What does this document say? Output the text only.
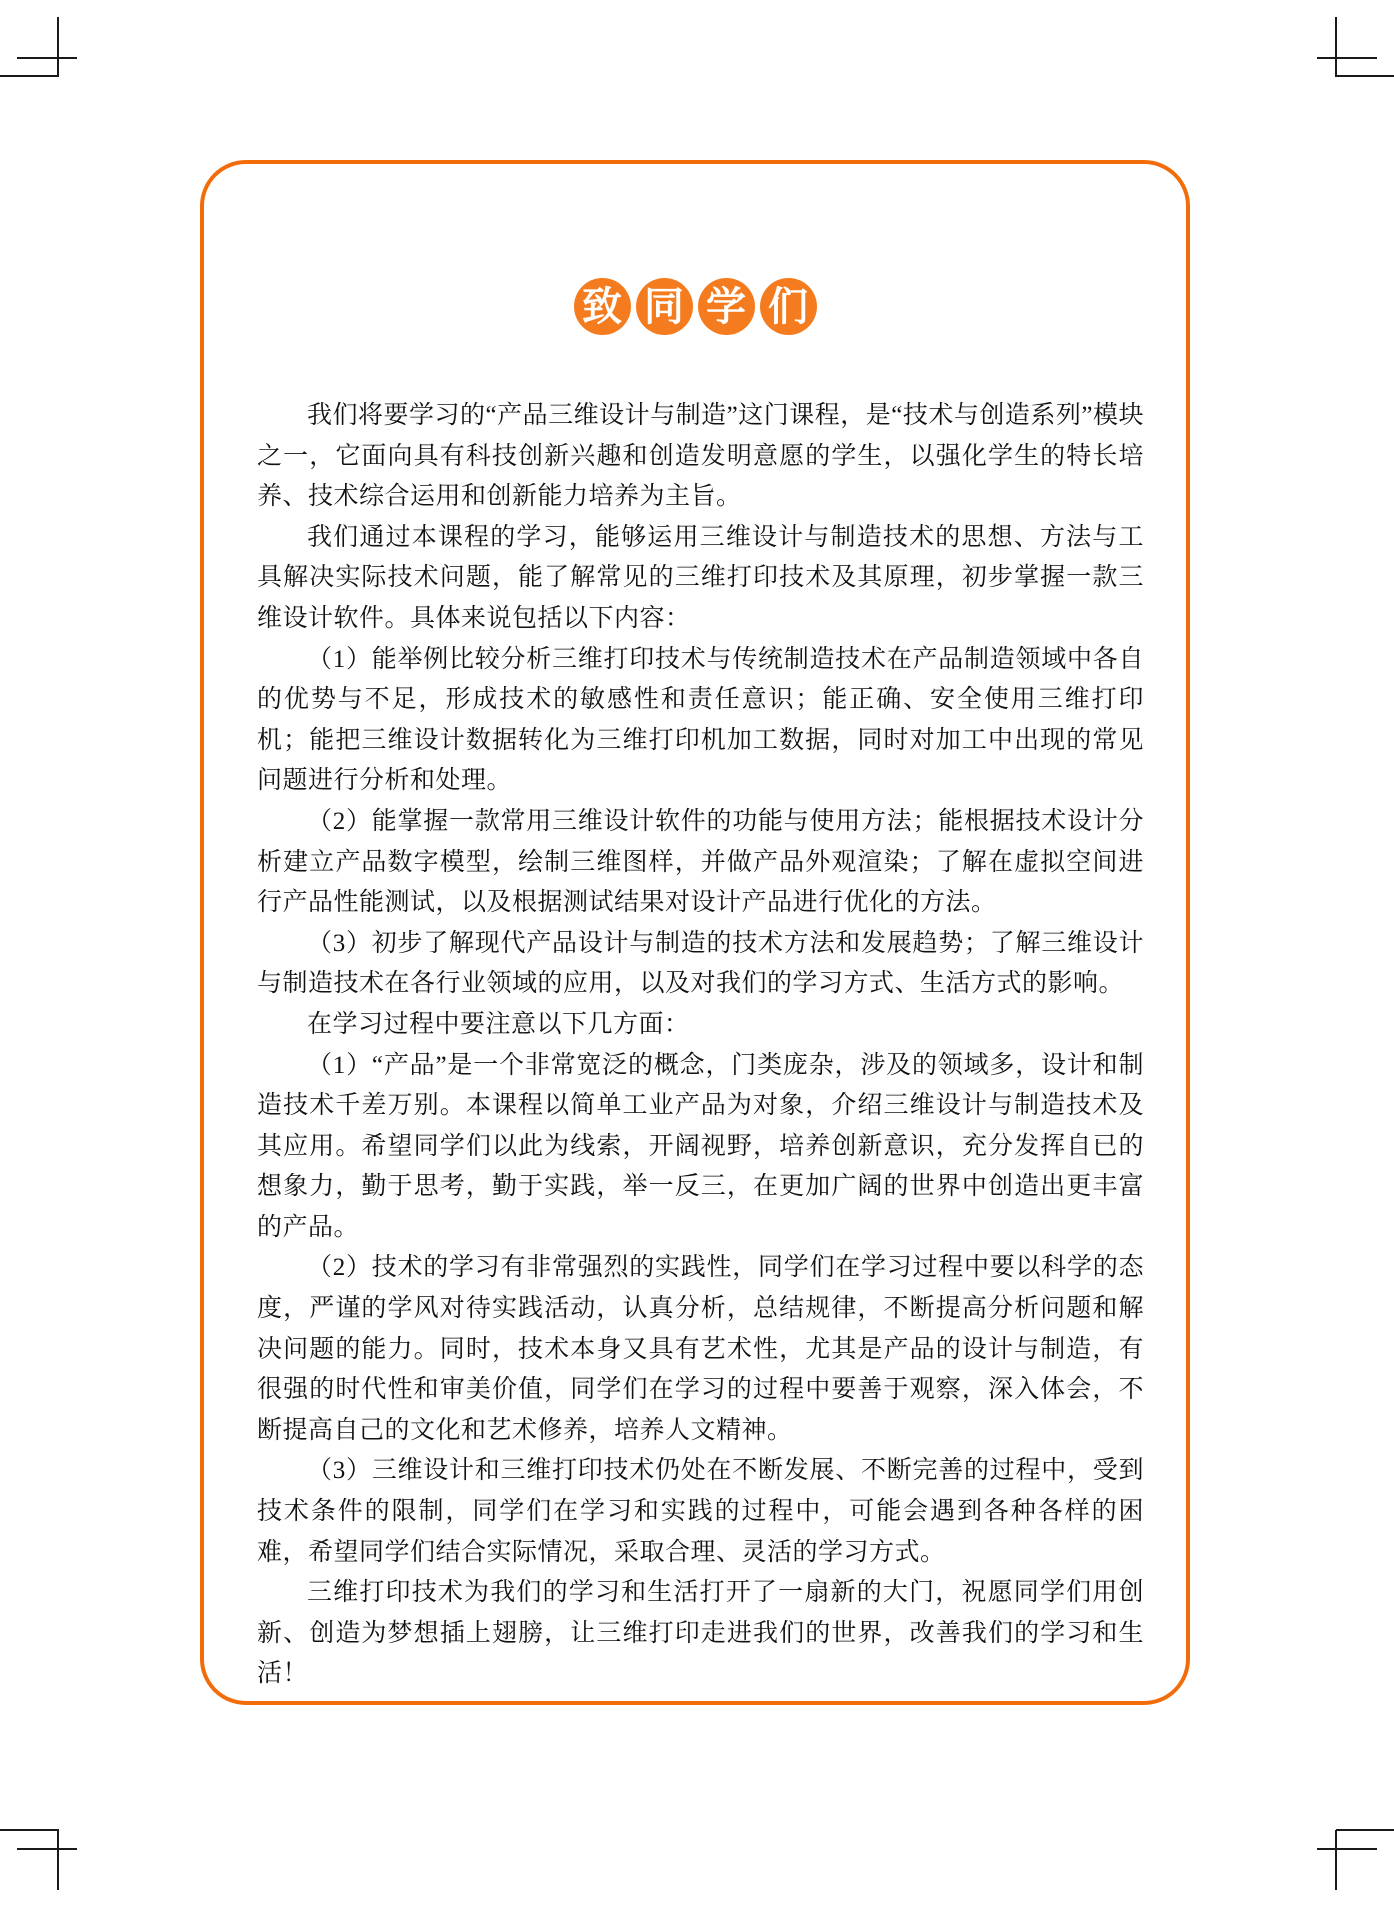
致 同 学 们

我们将要学习的“产品三维设计与制造”这门课程，是“技术与创造系列”模块之一，它面向具有科技创新兴趣和创造发明意愿的学生，以强化学生的特长培养、技术综合运用和创新能力培养为主旨。

我们通过本课程的学习，能够运用三维设计与制造技术的思想、方法与工具解决实际技术问题，能了解常见的三维打印技术及其原理，初步掌握一款三维设计软件。具体来说包括以下内容：

（1）能举例比较分析三维打印技术与传统制造技术在产品制造领域中各自的优势与不足，形成技术的敏感性和责任意识；能正确、安全使用三维打印机；能把三维设计数据转化为三维打印机加工数据，同时对加工中出现的常见问题进行分析和处理。

（2）能掌握一款常用三维设计软件的功能与使用方法；能根据技术设计分析建立产品数字模型，绘制三维图样，并做产品外观渲染；了解在虚拟空间进行产品性能测试，以及根据测试结果对设计产品进行优化的方法。

（3）初步了解现代产品设计与制造的技术方法和发展趋势；了解三维设计与制造技术在各行业领域的应用，以及对我们的学习方式、生活方式的影响。

在学习过程中要注意以下几方面：

（1）“产品”是一个非常宽泛的概念，门类庞杂，涉及的领域多，设计和制造技术千差万别。本课程以简单工业产品为对象，介绍三维设计与制造技术及其应用。希望同学们以此为线索，开阔视野，培养创新意识，充分发挥自已的想象力，勤于思考，勤于实践，举一反三，在更加广阔的世界中创造出更丰富的产品。

（2）技术的学习有非常强烈的实践性，同学们在学习过程中要以科学的态度，严谨的学风对待实践活动，认真分析，总结规律，不断提高分析问题和解决问题的能力。同时，技术本身又具有艺术性，尤其是产品的设计与制造，有很强的时代性和审美价值，同学们在学习的过程中要善于观察，深入体会，不断提高自己的文化和艺术修养，培养人文精神。

（3）三维设计和三维打印技术仍处在不断发展、不断完善的过程中，受到技术条件的限制，同学们在学习和实践的过程中，可能会遇到各种各样的困难，希望同学们结合实际情况，采取合理、灵活的学习方式。

三维打印技术为我们的学习和生活打开了一扇新的大门，祝愿同学们用创新、创造为梦想插上翅膀，让三维打印走进我们的世界，改善我们的学习和生活！
